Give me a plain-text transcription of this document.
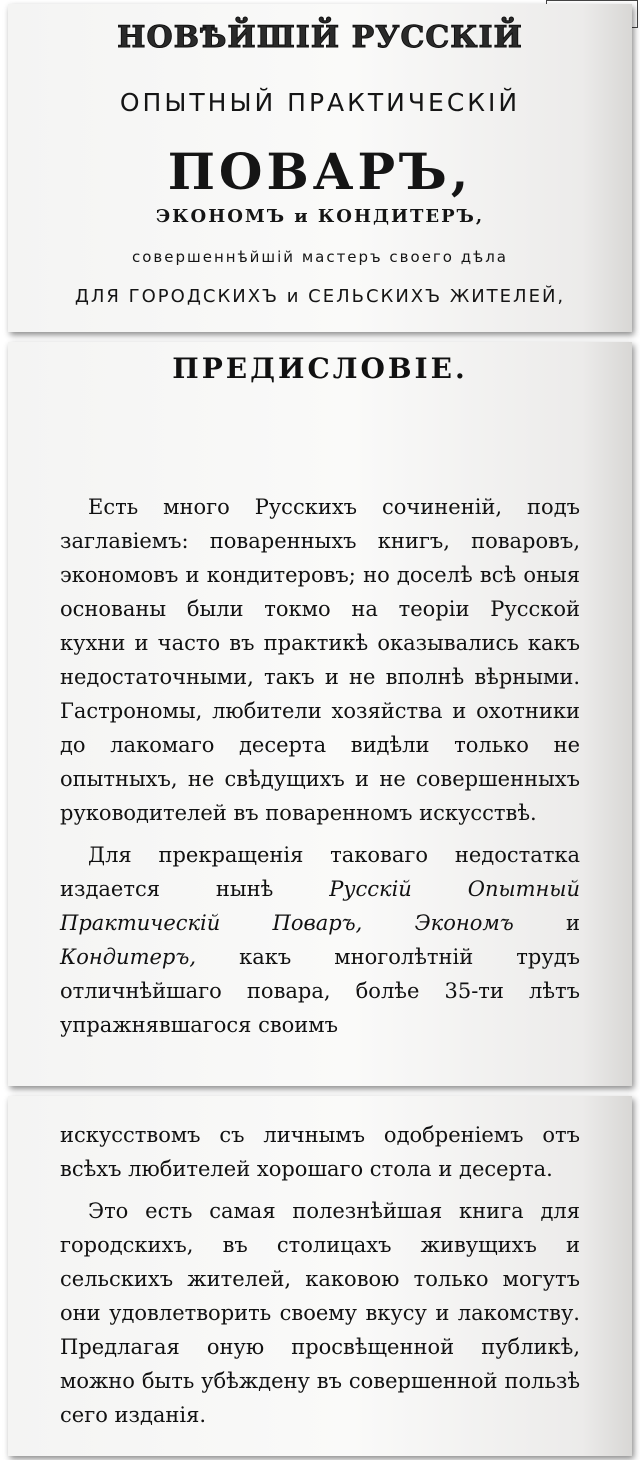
НОВѢЙШІЙ РУССКІЙ
ОПЫТНЫЙ ПРАКТИЧЕСКІЙ
ПОВАРЪ,
ЭКОНОМЪ и КОНДИТЕРЪ,
совершеннѣйшій мастеръ своего дѣла
ДЛЯ ГОРОДСКИХЪ и СЕЛЬСКИХЪ ЖИТЕЛЕЙ,
ПРЕДИСЛОВІЕ.

Есть много Русскихъ сочиненій, подъ заглавіемъ: поваренныхъ книгъ, поваровъ, экономовъ и кондитеровъ; но доселѣ всѣ оныя основаны были токмо на теоріи Русской кухни и часто въ практикѣ оказывались какъ недостаточными, такъ и не вполнѣ вѣрными. Гастрономы, любители хозяйства и охотники до лакомаго десерта видѣли только не опытныхъ, не свѣдущихъ и не совершенныхъ руководителей въ поваренномъ искусствѣ.

Для прекращенія таковаго недостатка издается нынѣ Русскій Опытный Практическій Поваръ, Экономъ и Кондитеръ, какъ многолѣтній трудъ отличнѣйшаго повара, болѣе 35-ти лѣтъ упражнявшагося своимъ

искусствомъ съ личнымъ одобреніемъ отъ всѣхъ любителей хорошаго стола и десерта.

Это есть самая полезнѣйшая книга для городскихъ, въ столицахъ живущихъ и сельскихъ жителей, каковою только могутъ они удовлетворить своему вкусу и лакомству. Предлагая оную просвѣщенной публикѣ, можно быть убѣждену въ совершенной пользѣ сего изданія.
